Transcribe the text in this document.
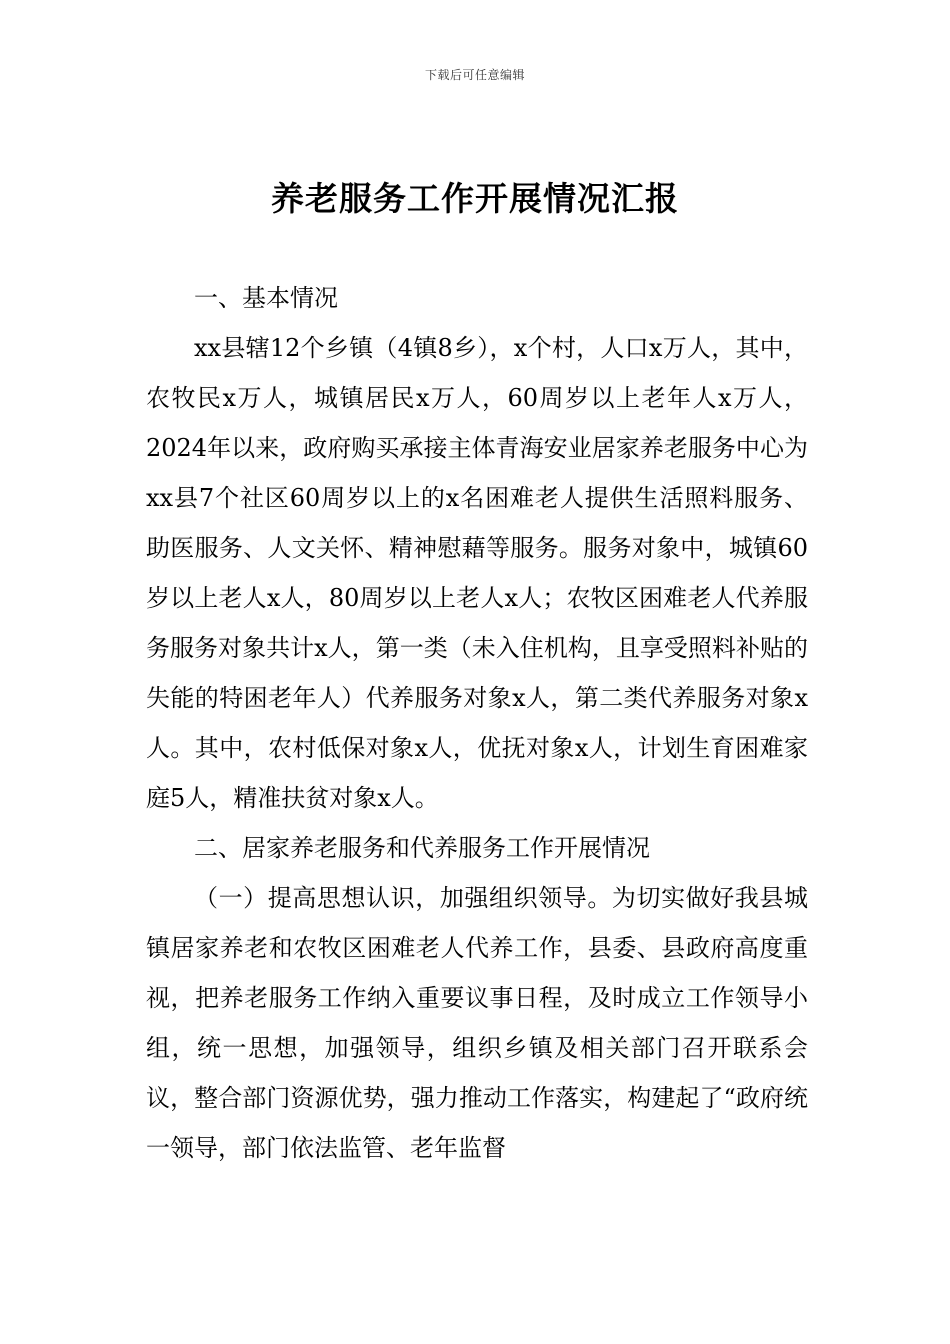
下载后可任意编辑
养老服务工作开展情况汇报

一、基本情况

xx县辖12个乡镇（4镇8乡），x个村，人口x万人，其中，农牧民x万人，城镇居民x万人，60周岁以上老年人x万人，2024年以来，政府购买承接主体青海安业居家养老服务中心为xx县7个社区60周岁以上的x名困难老人提供生活照料服务、助医服务、人文关怀、精神慰藉等服务。服务对象中，城镇60岁以上老人x人，80周岁以上老人x人；农牧区困难老人代养服务服务对象共计x人，第一类（未入住机构，且享受照料补贴的失能的特困老年人）代养服务对象x人，第二类代养服务对象x人。其中，农村低保对象x人，优抚对象x人，计划生育困难家庭5人，精准扶贫对象x人。

二、居家养老服务和代养服务工作开展情况

（一）提高思想认识，加强组织领导。为切实做好我县城镇居家养老和农牧区困难老人代养工作，县委、县政府高度重视，把养老服务工作纳入重要议事日程，及时成立工作领导小组，统一思想，加强领导，组织乡镇及相关部门召开联系会议，整合部门资源优势，强力推动工作落实，构建起了“政府统一领导，部门依法监管、老年监督
